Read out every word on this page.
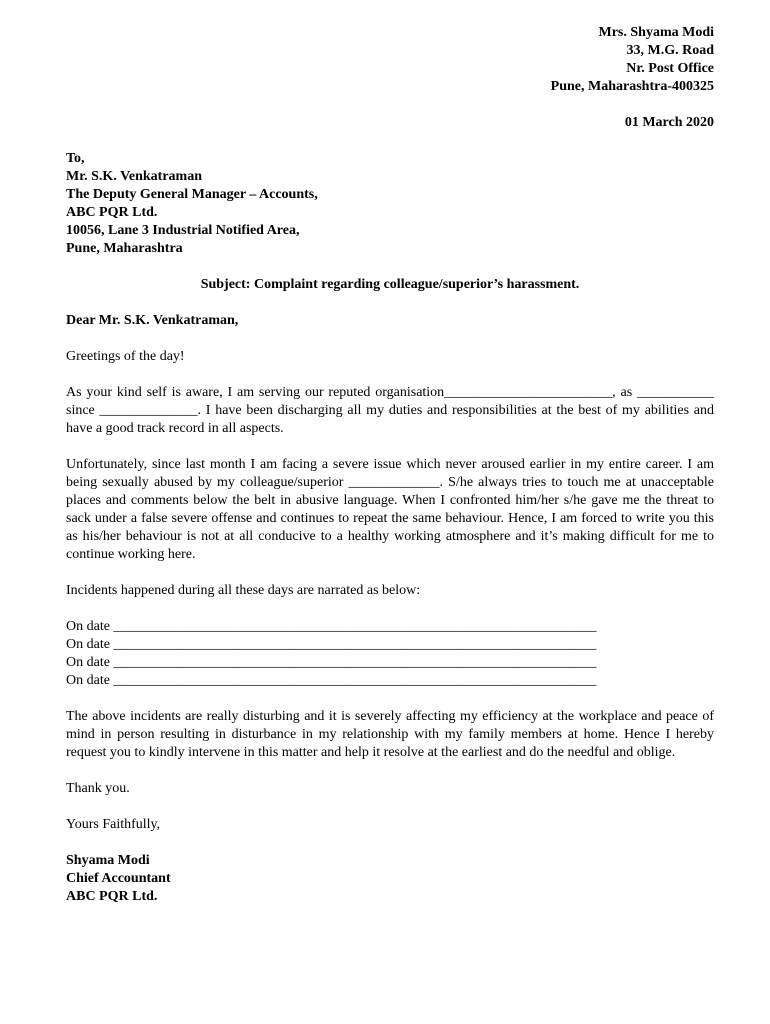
Mrs. Shyama Modi
33, M.G. Road
Nr. Post Office
Pune, Maharashtra-400325
01 March 2020
To,
Mr. S.K. Venkatraman
The Deputy General Manager – Accounts,
ABC PQR Ltd.
10056, Lane 3 Industrial Notified Area,
Pune, Maharashtra
Subject: Complaint regarding colleague/superior’s harassment.
Dear Mr. S.K. Venkatraman,

Greetings of the day!

As your kind self is aware, I am serving our reputed organisation________________________, as ___________ since ______________. I have been discharging all my duties and responsibilities at the best of my abilities and have a good track record in all aspects.

Unfortunately, since last month I am facing a severe issue which never aroused earlier in my entire career. I am being sexually abused by my colleague/superior _____________. S/he always tries to touch me at unacceptable places and comments below the belt in abusive language. When I confronted him/her s/he gave me the threat to sack under a false severe offense and continues to repeat the same behaviour. Hence, I am forced to write you this as his/her behaviour is not at all conducive to a healthy working atmosphere and it’s making difficult for me to continue working here.

Incidents happened during all these days are narrated as below:

On date _____________________________________________________________________
On date _____________________________________________________________________
On date _____________________________________________________________________
On date _____________________________________________________________________

The above incidents are really disturbing and it is severely affecting my efficiency at the workplace and peace of mind in person resulting in disturbance in my relationship with my family members at home. Hence I hereby request you to kindly intervene in this matter and help it resolve at the earliest and do the needful and oblige.

Thank you.

Yours Faithfully,
Shyama Modi
Chief Accountant
ABC PQR Ltd.
